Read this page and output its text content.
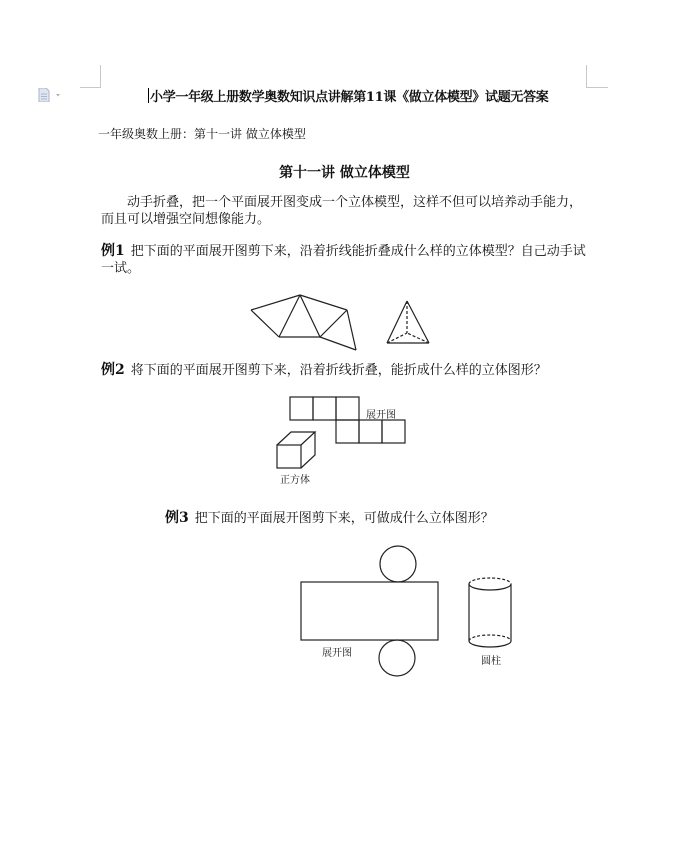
小学一年级上册数学奥数知识点讲解第11课《做立体模型》试题无答案
一年级奥数上册：第十一讲 做立体模型
第十一讲 做立体模型
动手折叠，把一个平面展开图变成一个立体模型，这样不但可以培养动手能力，而且可以增强空间想像能力。
例1 把下面的平面展开图剪下来，沿着折线能折叠成什么样的立体模型？自己动手试一试。
例2 将下面的平面展开图剪下来，沿着折线折叠，能折成什么样的立体图形？
例3 把下面的平面展开图剪下来，可做成什么立体图形？
展开图
正方体
展开图
圆柱
